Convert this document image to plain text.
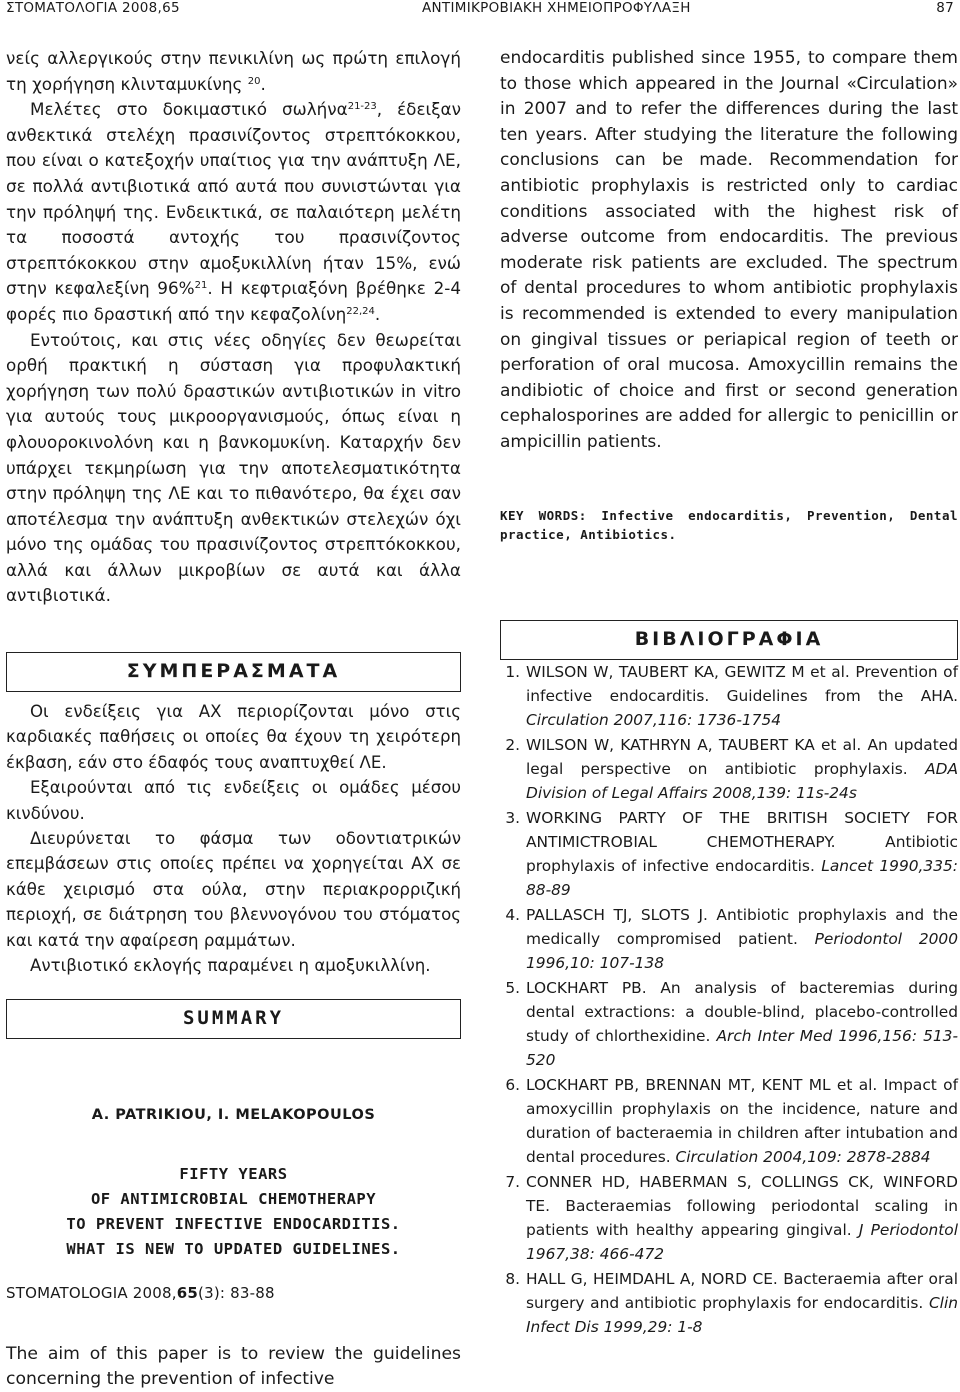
ΣΤΟΜΑΤΟΛΟΓΙΑ 2008,65	ΑΝΤΙΜΙΚΡΟΒΙΑΚΗ ΧΗΜΕΙΟΠΡΟΦΥΛΑΞΗ	87

νείς αλλεργικούς στην πενικιλίνη ως πρώτη επιλογή τη χορήγηση κλινταμυκίνης $^{20}$.

Μελέτες στο δοκιμαστικό σωλήνα$^{21-23}$, έδειξαν ανθεκτικά στελέχη πρασινίζοντος στρεπτόκοκκου, που είναι ο κατεξοχήν υπαίτιος για την ανάπτυξη ΛΕ, σε πολλά αντιβιοτικά από αυτά που συνιστώνται για την πρόληψή της. Ενδεικτικά, σε παλαιότερη μελέτη τα ποσοστά αντοχής του πρασινίζοντος στρεπτόκοκκου στην αμοξυκιλλίνη ήταν 15%, ενώ στην κεφαλεξίνη 96%$^{21}$. Η κεφτριαξόνη βρέθηκε 2-4 φορές πιο δραστική από την κεφαζολίνη$^{22,24}$.

Εντούτοις, και στις νέες οδηγίες δεν θεωρείται ορθή πρακτική η σύσταση για προφυλακτική χορήγηση των πολύ δραστικών αντιβιοτικών in vitro για αυτούς τους μικροοργανισμούς, όπως είναι η φλουοροκινολόνη και η βανκομυκίνη. Καταρχήν δεν υπάρχει τεκμηρίωση για την αποτελεσματικότητα στην πρόληψη της ΛΕ και το πιθανότερο, θα έχει σαν αποτέλεσμα την ανάπτυξη ανθεκτικών στελεχών όχι μόνο της ομάδας του πρασινίζοντος στρεπτόκοκκου, αλλά και άλλων μικροβίων σε αυτά και άλλα αντιβιοτικά.

ΣΥΜΠΕΡΑΣΜΑΤΑ

Οι ενδείξεις για ΑΧ περιορίζονται μόνο στις καρδιακές παθήσεις οι οποίες θα έχουν τη χειρότερη έκβαση, εάν στο έδαφός τους αναπτυχθεί ΛΕ.

Εξαιρούνται από τις ενδείξεις οι ομάδες μέσου κινδύνου.

Διευρύνεται το φάσμα των οδοντιατρικών επεμβάσεων στις οποίες πρέπει να χορηγείται ΑΧ σε κάθε χειρισμό στα ούλα, στην περιακρορριζική περιοχή, σε διάτρηση του βλεννογόνου του στόματος και κατά την αφαίρεση ραμμάτων.

Αντιβιοτικό εκλογής παραμένει η αμοξυκιλλίνη.

SUMMARY
A. PATRIKIOU, I. MELAKOPOULOS
FIFTY YEARS
OF ANTIMICROBIAL CHEMOTHERAPY
TO PREVENT INFECTIVE ENDOCARDITIS.
WHAT IS NEW TO UPDATED GUIDELINES.
STOMATOLOGIA 2008,65(3): 83-88
The aim of this paper is to review the guidelines concerning the prevention of infective
endocarditis published since 1955, to compare them to those which appeared in the Journal «Circulation» in 2007 and to refer the differences during the last ten years. After studying the literature the following conclusions can be made. Recommendation for antibiotic prophylaxis is restricted only to cardiac conditions associated with the highest risk of adverse outcome from endocarditis. The previous moderate risk patients are excluded. The spectrum of dental procedures to whom antibiotic prophylaxis is recommended is extended to every manipulation on gingival tissues or periapical region of teeth or perforation of oral mucosa. Amoxycillin remains the andibiotic of choice and first or second generation cephalosporines are added for allergic to penicillin or ampicillin patients.
KEY WORDS: Infective endocarditis, Prevention, Dental practice, Antibiotics.
ΒΙΒΛΙΟΓΡΑΦΙΑ
1. WILSON W, TAUBERT KA, GEWITZ M et al. Prevention of infective endocarditis. Guidelines from the AHA. Circulation 2007,116: 1736-1754
2. WILSON W, KATHRYN A, TAUBERT KA et al. An updated legal perspective on antibiotic prophylaxis. ADA Division of Legal Affairs 2008,139: 11s-24s
3. WORKING PARTY OF THE BRITISH SOCIETY FOR ANTIMICTROBIAL CHEMOTHERAPY. Antibiotic prophylaxis of infective endocarditis. Lancet 1990,335: 88-89
4. PALLASCH TJ, SLOTS J. Antibiotic prophylaxis and the medically compromised patient. Periodontol 2000 1996,10: 107-138
5. LOCKHART PB. An analysis of bacteremias during dental extractions: a double-blind, placebo-controlled study of chlorthexidine. Arch Inter Med 1996,156: 513-520
6. LOCKHART PB, BRENNAN MT, KENT ML et al. Impact of amoxycillin prophylaxis on the incidence, nature and duration of bacteraemia in children after intubation and dental procedures. Circulation 2004,109: 2878-2884
7. CONNER HD, HABERMAN S, COLLINGS CK, WINFORD TE. Bacteraemias following periodontal scaling in patients with healthy appearing gingival. J Periodontol 1967,38: 466-472
8. HALL G, HEIMDAHL A, NORD CE. Bacteraemia after oral surgery and antibiotic prophylaxis for endocarditis. Clin Infect Dis 1999,29: 1-8
